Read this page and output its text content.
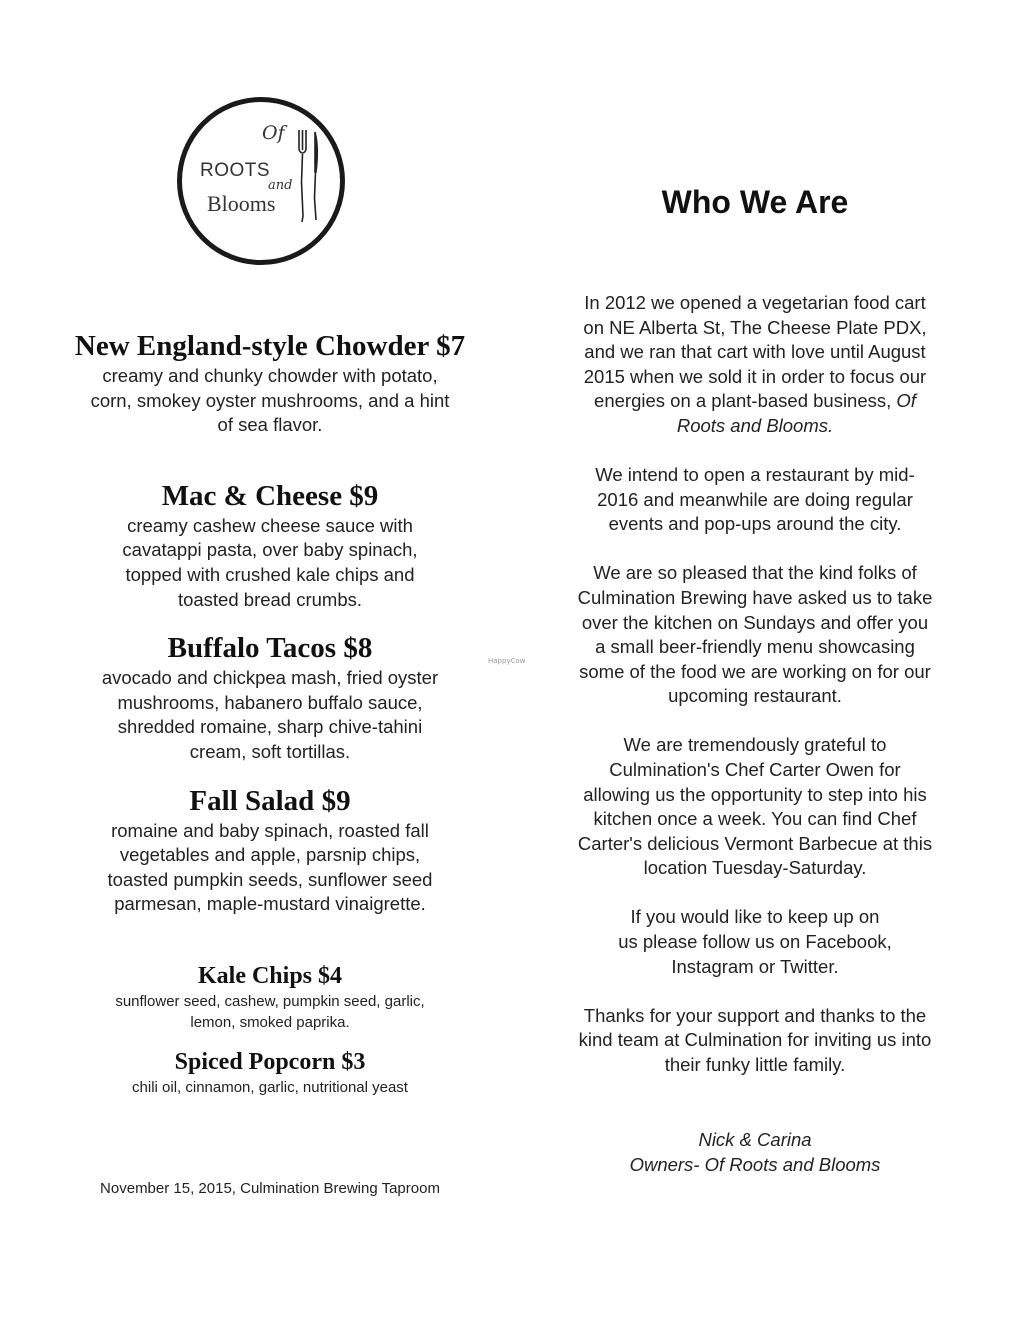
Of
ROOTS
and
Blooms
New England-style Chowder $7

creamy and chunky chowder with potato,
corn, smokey oyster mushrooms, and a hint
of sea flavor.

Mac & Cheese $9

creamy cashew cheese sauce with
cavatappi pasta, over baby spinach,
topped with crushed kale chips and
toasted bread crumbs.

Buffalo Tacos $8

avocado and chickpea mash, fried oyster
mushrooms, habanero buffalo sauce,
shredded romaine, sharp chive-tahini
cream, soft tortillas.

Fall Salad $9

romaine and baby spinach, roasted fall
vegetables and apple, parsnip chips,
toasted pumpkin seeds, sunflower seed
parmesan, maple-mustard vinaigrette.

Kale Chips $4

sunflower seed, cashew, pumpkin seed, garlic,
lemon, smoked paprika.

Spiced Popcorn $3

chili oil, cinnamon, garlic, nutritional yeast

November 15, 2015, Culmination Brewing Taproom
Who We Are

In 2012 we opened a vegetarian food cart
on NE Alberta St, The Cheese Plate PDX,
and we ran that cart with love until August
2015 when we sold it in order to focus our
energies on a plant-based business, Of
Roots and Blooms.

We intend to open a restaurant by mid-
2016 and meanwhile are doing regular
events and pop-ups around the city.

We are so pleased that the kind folks of
Culmination Brewing have asked us to take
over the kitchen on Sundays and offer you
a small beer-friendly menu showcasing
some of the food we are working on for our
upcoming restaurant.

We are tremendously grateful to
Culmination's Chef Carter Owen for
allowing us the opportunity to step into his
kitchen once a week. You can find Chef
Carter's delicious Vermont Barbecue at this
location Tuesday-Saturday.

If you would like to keep up on
us please follow us on Facebook,
Instagram or Twitter.

Thanks for your support and thanks to the
kind team at Culmination for inviting us into
their funky little family.

Nick & Carina
Owners- Of Roots and Blooms
HappyCow
